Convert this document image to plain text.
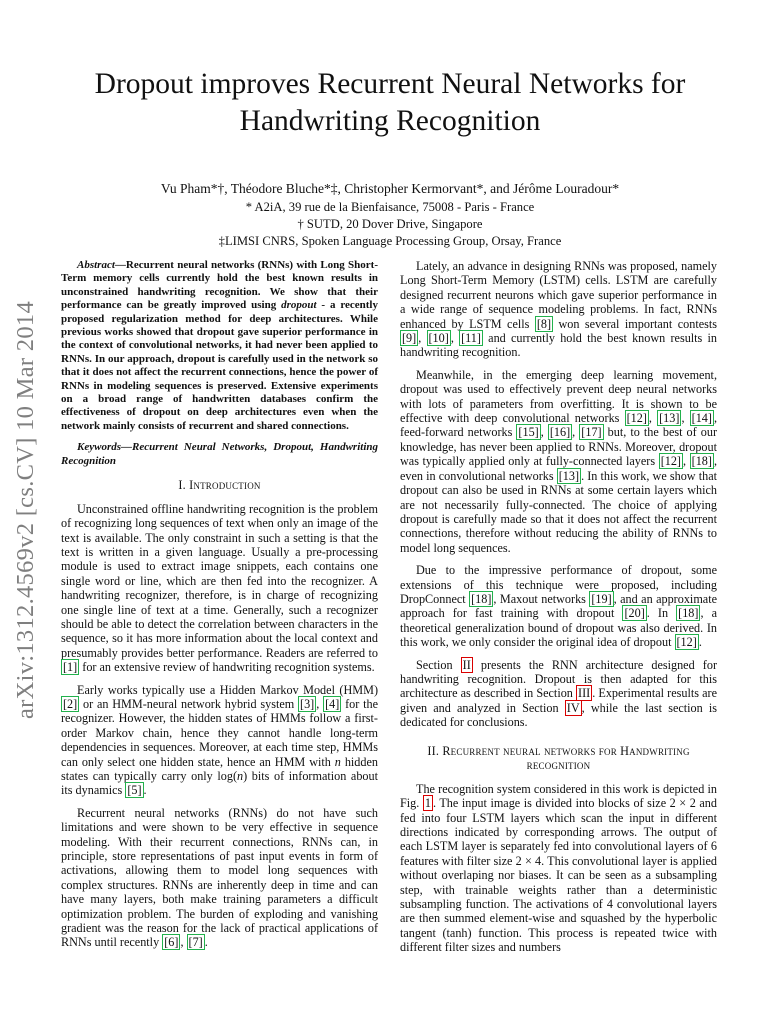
arXiv:1312.4569v2 [cs.CV] 10 Mar 2014
Dropout improves Recurrent Neural Networks for
Handwriting Recognition
Vu Pham*†, Théodore Bluche*‡, Christopher Kermorvant*, and Jérôme Louradour*
* A2iA, 39 rue de la Bienfaisance, 75008 - Paris - France
† SUTD, 20 Dover Drive, Singapore
‡LIMSI CNRS, Spoken Language Processing Group, Orsay, France

Abstract—Recurrent neural networks (RNNs) with Long Short-Term memory cells currently hold the best known results in unconstrained handwriting recognition. We show that their performance can be greatly improved using dropout - a recently proposed regularization method for deep architectures. While previous works showed that dropout gave superior performance in the context of convolutional networks, it had never been applied to RNNs. In our approach, dropout is carefully used in the network so that it does not affect the recurrent connections, hence the power of RNNs in modeling sequences is preserved. Extensive experiments on a broad range of handwritten databases confirm the effectiveness of dropout on deep architectures even when the network mainly consists of recurrent and shared connections.

Keywords—Recurrent Neural Networks, Dropout, Handwriting Recognition

I. Introduction

Unconstrained offline handwriting recognition is the problem of recognizing long sequences of text when only an image of the text is available. The only constraint in such a setting is that the text is written in a given language. Usually a pre-processing module is used to extract image snippets, each contains one single word or line, which are then fed into the recognizer. A handwriting recognizer, therefore, is in charge of recognizing one single line of text at a time. Generally, such a recognizer should be able to detect the correlation between characters in the sequence, so it has more information about the local context and presumably provides better performance. Readers are referred to [1] for an extensive review of handwriting recognition systems.

Early works typically use a Hidden Markov Model (HMM) [2] or an HMM-neural network hybrid system [3] , [4] for the recognizer. However, the hidden states of HMMs follow a first-order Markov chain, hence they cannot handle long-term dependencies in sequences. Moreover, at each time step, HMMs can only select one hidden state, hence an HMM with n hidden states can typically carry only log(n) bits of information about its dynamics [5] .

Recurrent neural networks (RNNs) do not have such limitations and were shown to be very effective in sequence modeling. With their recurrent connections, RNNs can, in principle, store representations of past input events in form of activations, allowing them to model long sequences with complex structures. RNNs are inherently deep in time and can have many layers, both make training parameters a difficult optimization problem. The burden of exploding and vanishing gradient was the reason for the lack of practical applications of RNNs until recently [6] , [7] .

Lately, an advance in designing RNNs was proposed, namely Long Short-Term Memory (LSTM) cells. LSTM are carefully designed recurrent neurons which gave superior performance in a wide range of sequence modeling problems. In fact, RNNs enhanced by LSTM cells [8] won several important contests [9] , [10] , [11] and currently hold the best known results in handwriting recognition.

Meanwhile, in the emerging deep learning movement, dropout was used to effectively prevent deep neural networks with lots of parameters from overfitting. It is shown to be effective with deep convolutional networks [12] , [13] , [14] , feed-forward networks [15] , [16] , [17] but, to the best of our knowledge, has never been applied to RNNs. Moreover, dropout was typically applied only at fully-connected layers [12] , [18] , even in convolutional networks [13] . In this work, we show that dropout can also be used in RNNs at some certain layers which are not necessarily fully-connected. The choice of applying dropout is carefully made so that it does not affect the recurrent connections, therefore without reducing the ability of RNNs to model long sequences.

Due to the impressive performance of dropout, some extensions of this technique were proposed, including DropConnect [18] , Maxout networks [19] , and an approximate approach for fast training with dropout [20] . In [18] , a theoretical generalization bound of dropout was also derived. In this work, we only consider the original idea of dropout [12] .

Section II presents the RNN architecture designed for handwriting recognition. Dropout is then adapted for this architecture as described in Section III . Experimental results are given and analyzed in Section IV , while the last section is dedicated for conclusions.

II. Recurrent neural networks for Handwriting
recognition

The recognition system considered in this work is depicted in Fig. 1 . The input image is divided into blocks of size 2 × 2 and fed into four LSTM layers which scan the input in different directions indicated by corresponding arrows. The output of each LSTM layer is separately fed into convolutional layers of 6 features with filter size 2 × 4. This convolutional layer is applied without overlaping nor biases. It can be seen as a subsampling step, with trainable weights rather than a deterministic subsampling function. The activations of 4 convolutional layers are then summed element-wise and squashed by the hyperbolic tangent (tanh) function. This process is repeated twice with different filter sizes and numbers
